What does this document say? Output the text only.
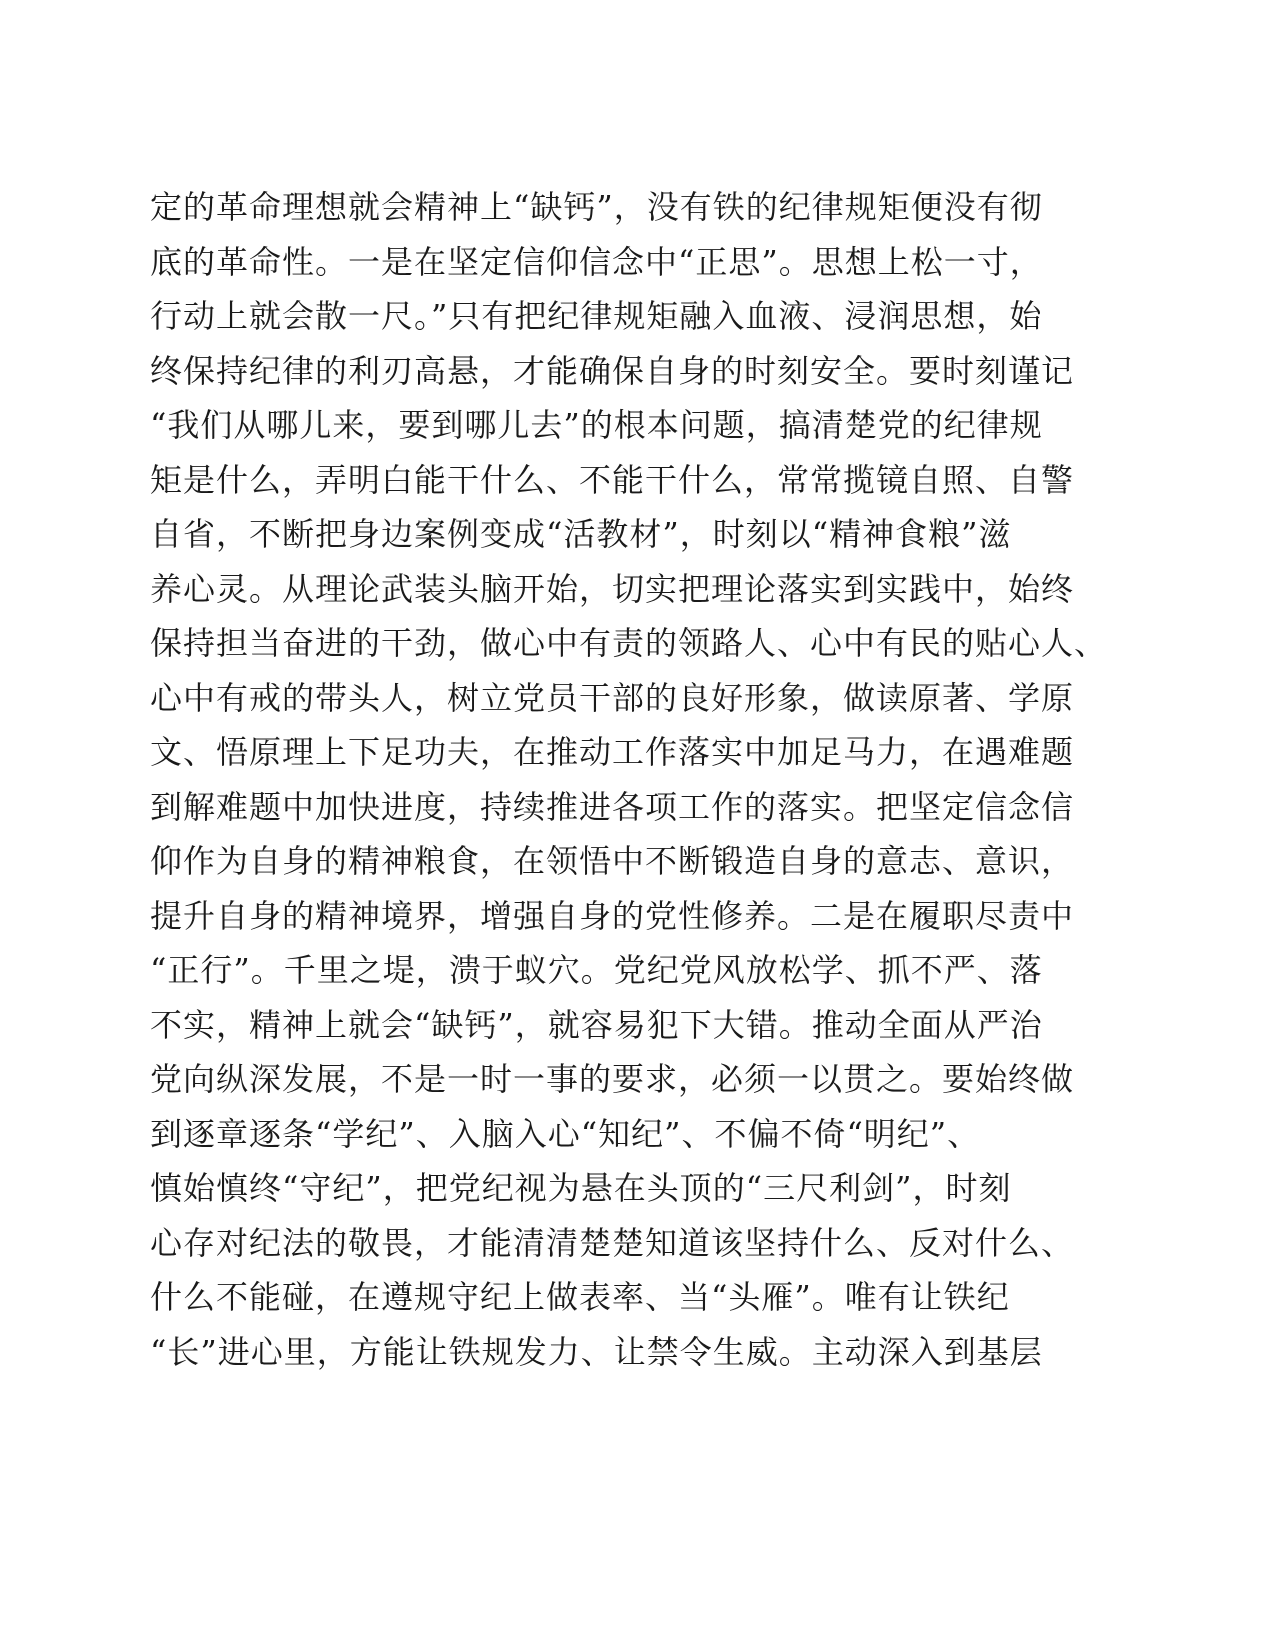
定的革命理想就会精神上“缺钙”，没有铁的纪律规矩便没有彻
底的革命性。一是在坚定信仰信念中“正思”。思想上松一寸，
行动上就会散一尺。”只有把纪律规矩融入血液、浸润思想，始
终保持纪律的利刃高悬，才能确保自身的时刻安全。要时刻谨记
“我们从哪儿来，要到哪儿去”的根本问题，搞清楚党的纪律规
矩是什么，弄明白能干什么、不能干什么，常常揽镜自照、自警
自省，不断把身边案例变成“活教材”，时刻以“精神食粮”滋
养心灵。从理论武装头脑开始，切实把理论落实到实践中，始终
保持担当奋进的干劲，做心中有责的领路人、心中有民的贴心人、
心中有戒的带头人，树立党员干部的良好形象，做读原著、学原
文、悟原理上下足功夫，在推动工作落实中加足马力，在遇难题
到解难题中加快进度，持续推进各项工作的落实。把坚定信念信
仰作为自身的精神粮食，在领悟中不断锻造自身的意志、意识，
提升自身的精神境界，增强自身的党性修养。二是在履职尽责中
“正行”。千里之堤，溃于蚁穴。党纪党风放松学、抓不严、落
不实，精神上就会“缺钙”，就容易犯下大错。推动全面从严治
党向纵深发展，不是一时一事的要求，必须一以贯之。要始终做
到逐章逐条“学纪”、入脑入心“知纪”、不偏不倚“明纪”、
慎始慎终“守纪”，把党纪视为悬在头顶的“三尺利剑”，时刻
心存对纪法的敬畏，才能清清楚楚知道该坚持什么、反对什么、
什么不能碰，在遵规守纪上做表率、当“头雁”。唯有让铁纪
“长”进心里，方能让铁规发力、让禁令生威。主动深入到基层
